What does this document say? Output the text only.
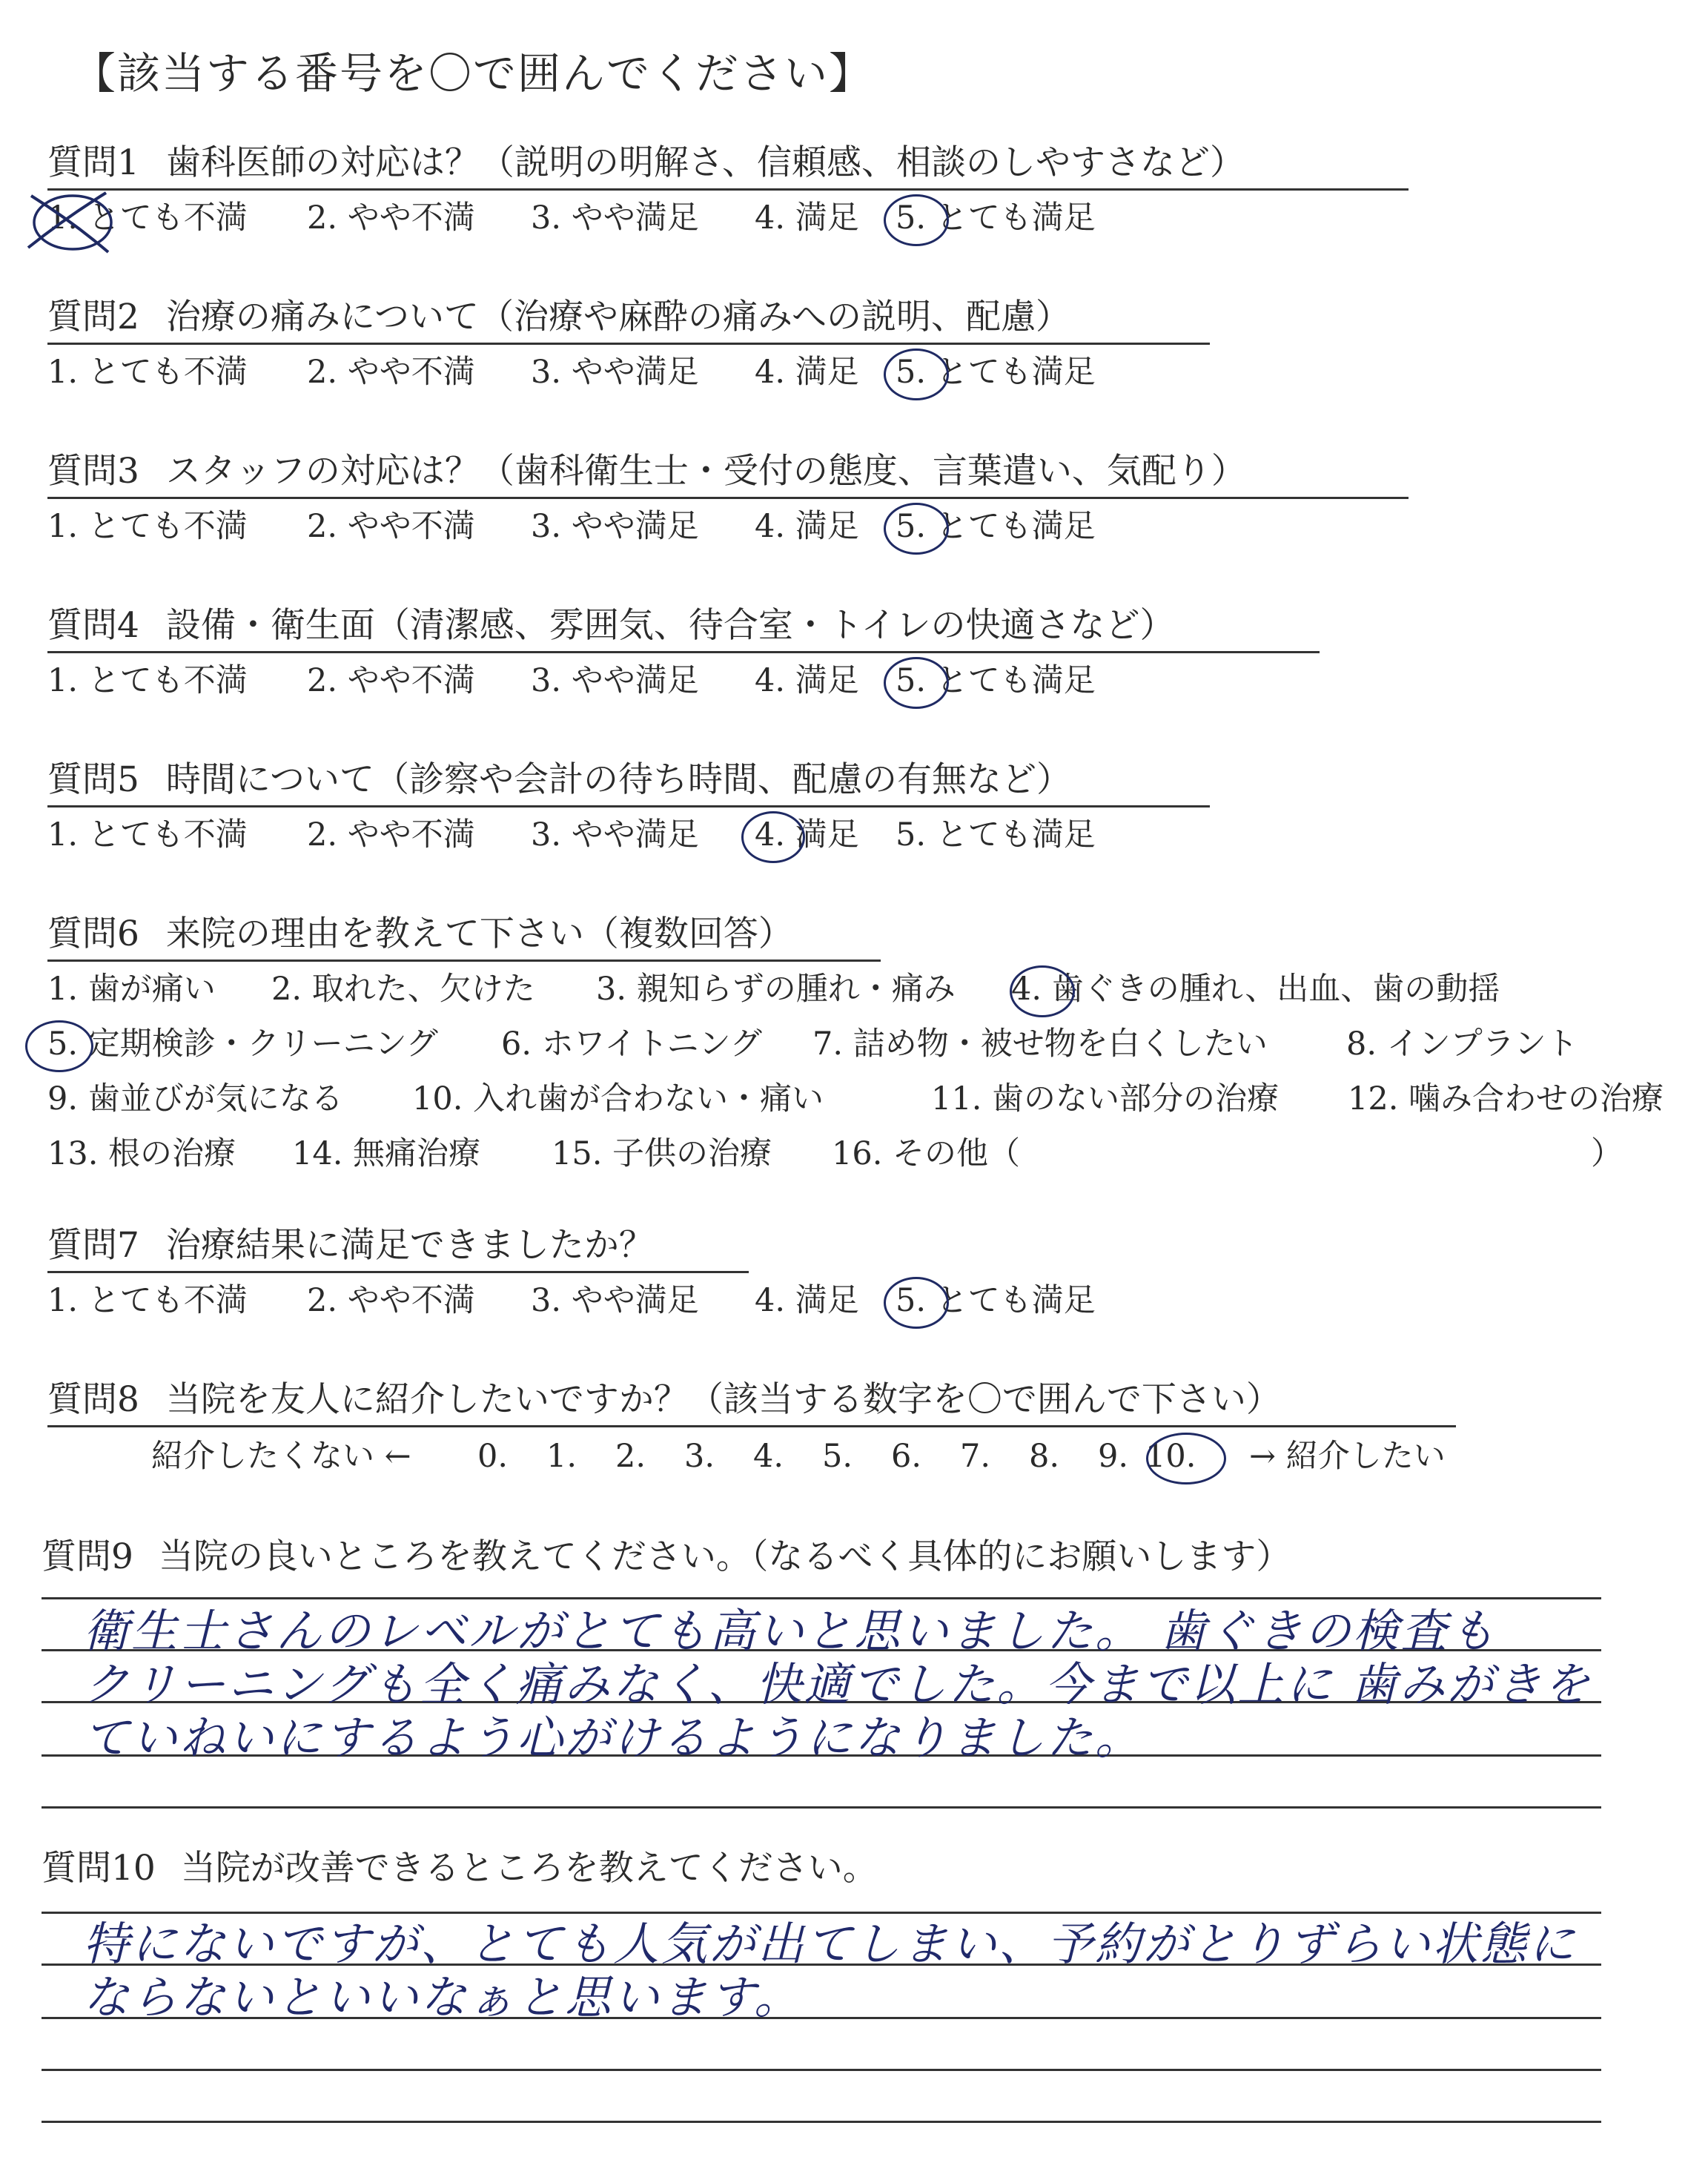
【該当する番号を〇で囲んでください】
質問1 歯科医師の対応は？（説明の明解さ、信頼感、相談のしやすさなど）
1. とても不満 2. やや不満 3. やや満足 4. 満足 5. とても満足
質問2 治療の痛みについて（治療や麻酔の痛みへの説明、配慮）
1. とても不満 2. やや不満 3. やや満足 4. 満足 5. とても満足
質問3 スタッフの対応は？（歯科衛生士・受付の態度、言葉遣い、気配り）
1. とても不満 2. やや不満 3. やや満足 4. 満足 5. とても満足
質問4 設備・衛生面（清潔感、雰囲気、待合室・トイレの快適さなど）
1. とても不満 2. やや不満 3. やや満足 4. 満足 5. とても満足
質問5 時間について（診察や会計の待ち時間、配慮の有無など）
1. とても不満 2. やや不満 3. やや満足 4. 満足 5. とても満足
質問6 来院の理由を教えて下さい（複数回答）
1. 歯が痛い 2. 取れた、欠けた 3. 親知らずの腫れ・痛み 4. 歯ぐきの腫れ、出血、歯の動揺
5. 定期検診・クリーニング 6. ホワイトニング 7. 詰め物・被せ物を白くしたい 8. インプラント
9. 歯並びが気になる 10. 入れ歯が合わない・痛い	11. 歯のない部分の治療 12. 噛み合わせの治療
13. 根の治療 14. 無痛治療 15. 子供の治療 16. その他（	）
質問7 治療結果に満足できましたか？
1. とても不満 2. やや不満 3. やや満足 4. 満足 5. とても満足
質問8 当院を友人に紹介したいですか？（該当する数字を〇で囲んで下さい）
紹介したくない ← 0. 1. 2. 3. 4. 5. 6. 7. 8. 9. 10. → 紹介したい
質問9 当院の良いところを教えてください。（なるべく具体的にお願いします）
衛生士さんのレベルがとても高いと思いました。 歯ぐきの検査も
クリーニングも全く痛みなく、快適でした。今まで以上に 歯みがきを
ていねいにするよう心がけるようになりました。
質問10 当院が改善できるところを教えてください。
特にないですが、とても人気が出てしまい、予約がとりずらい状態に
ならないといいなぁと思います。
